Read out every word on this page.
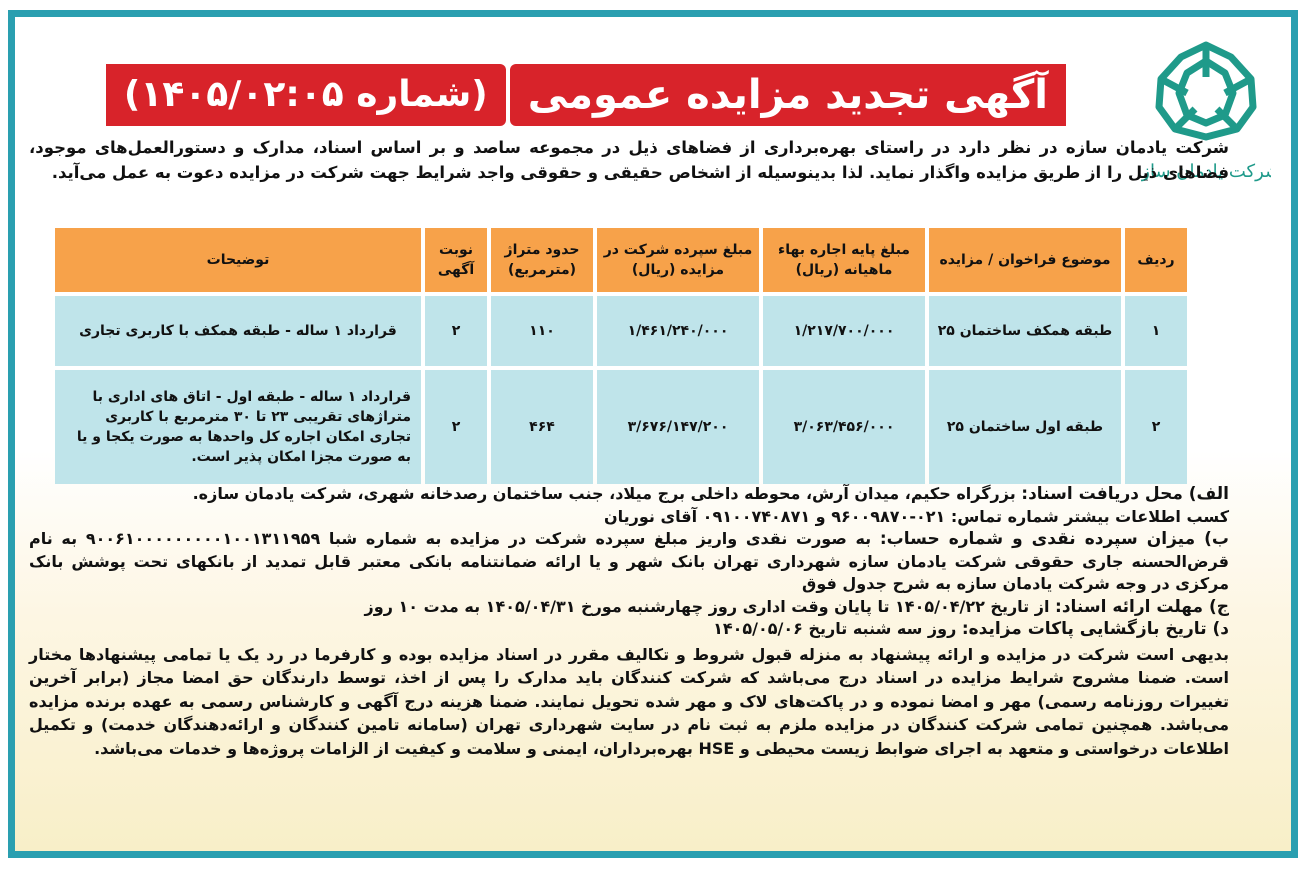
رکت یادمان ساز
آگهی تجدید مزایده عمومی
(شماره ۱۴۰۵/۰۲:۰۵)
شرکت یادمان سازه در نظر دارد در راستای بهره‌برداری از فضاهای ذیل در مجموعه ساصد و بر اساس اسناد، مدارک و دستورالعمل‌های موجود، فضاهای ذیل را از طریق مزایده واگذار نماید. لذا بدینوسیله از اشخاص حقیقی و حقوقی واجد شرایط جهت شرکت در مزایده دعوت به عمل می‌آید.
ردیف	موضوع فراخوان / مزایده	مبلغ پایه اجاره بهاء ماهیانه (ریال)	مبلغ سپرده شرکت در مزایده (ریال)	حدود متراژ (مترمربع)	نوبت آگهی	توضیحات
۱	طبقه همکف ساختمان ۲۵	۱/۲۱۷/۷۰۰/۰۰۰	۱/۴۶۱/۲۴۰/۰۰۰	۱۱۰	۲	قرارداد ۱ ساله - طبقه همکف با کاربری تجاری
۲	طبقه اول ساختمان ۲۵	۳/۰۶۳/۴۵۶/۰۰۰	۳/۶۷۶/۱۴۷/۲۰۰	۴۶۴	۲	قرارداد ۱ ساله - طبقه اول - اتاق های اداری با متراژهای تقریبی ۲۳ تا ۳۰ مترمربع با کاربری تجاری امکان اجاره کل واحدها به صورت یکجا و یا به صورت مجزا امکان پذیر است.

الف) محل دریافت اسناد: بزرگراه حکیم، میدان آرش، محوطه داخلی برج میلاد، جنب ساختمان رصدخانه شهری، شرکت یادمان سازه.

کسب اطلاعات بیشتر شماره تماس: ۰۲۱-۹۶۰۰۹۸۷۰ و ۰۹۱۰۰۷۴۰۸۷۱ آقای نوریان

ب) میزان سپرده نقدی و شماره حساب: به صورت نقدی واریز مبلغ سپرده شرکت در مزایده به شماره شبا ۹۰۰۶۱۰۰۰۰۰۰۰۰۰۱۰۰۱۳۱۱۹۵۹ به نام قرض‌الحسنه جاری حقوقی شرکت یادمان سازه شهرداری تهران بانک شهر و یا ارائه ضمانتنامه بانکی معتبر قابل تمدید از بانکهای تحت پوشش بانک مرکزی در وجه شرکت یادمان سازه به شرح جدول فوق

ج) مهلت ارائه اسناد: از تاریخ ۱۴۰۵/۰۴/۲۲ تا پایان وقت اداری روز چهارشنبه مورخ ۱۴۰۵/۰۴/۳۱ به مدت ۱۰ روز

د) تاریخ بازگشایی پاکات مزایده: روز سه شنبه تاریخ ۱۴۰۵/۰۵/۰۶

بدیهی است شرکت در مزایده و ارائه پیشنهاد به منزله قبول شروط و تکالیف مقرر در اسناد مزایده بوده و کارفرما در رد یک یا تمامی پیشنهادها مختار است. ضمنا مشروح شرایط مزایده در اسناد درج می‌باشد که شرکت کنندگان باید مدارک را پس از اخذ، توسط دارندگان حق امضا مجاز (برابر آخرین تغییرات روزنامه رسمی) مهر و امضا نموده و در پاکت‌های لاک و مهر شده تحویل نمایند. ضمنا هزینه درج آگهی و کارشناس رسمی به عهده برنده مزایده می‌باشد. همچنین تمامی شرکت کنندگان در مزایده ملزم به ثبت نام در سایت شهرداری تهران (سامانه تامین کنندگان و ارائه‌دهندگان خدمت) و تکمیل اطلاعات درخواستی و متعهد به اجرای ضوابط زیست محیطی و HSE بهره‌برداران، ایمنی و سلامت و کیفیت از الزامات پروژه‌ها و خدمات می‌باشد.
